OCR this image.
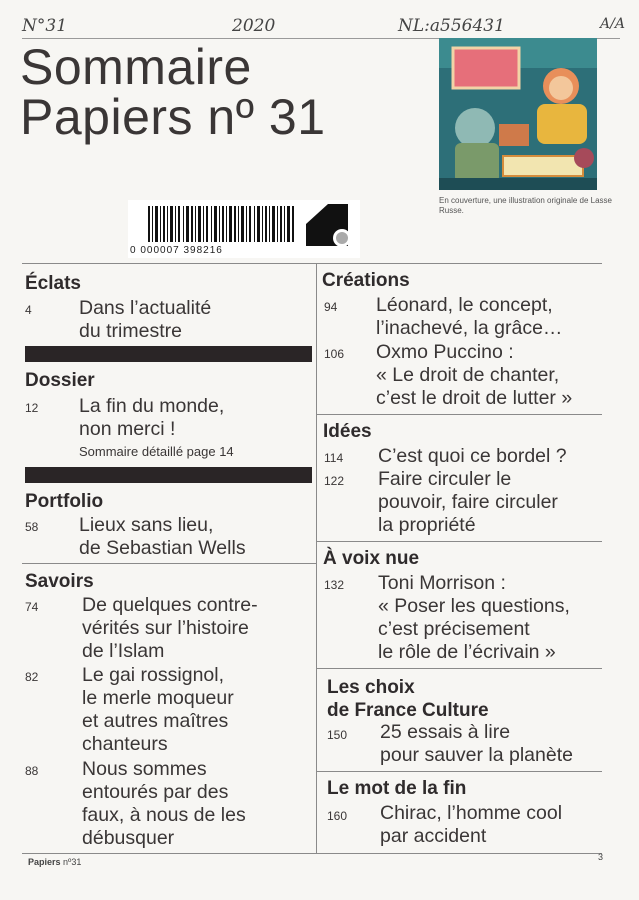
N°31	2020	NL:a556431	A/A
Sommaire
Papiers nº 31
En couverture, une illustration originale de Lasse Russe.
0 000007 398216
Éclats
4 Dans l’actualité
du trimestre
Dossier
12 La fin du monde,
non merci !
Sommaire détaillé page 14
Portfolio
58 Lieux sans lieu,
de Sebastian Wells
Savoirs
74 De quelques contre-
vérités sur l’histoire
de l’Islam
82 Le gai rossignol,
le merle moqueur
et autres maîtres
chanteurs
88 Nous sommes
entourés par des
faux, à nous de les
débusquer
Créations
94 Léonard, le concept,
l’inachevé, la grâce…
106 Oxmo Puccino :
« Le droit de chanter,
c’est le droit de lutter »
Idées
114 C’est quoi ce bordel ?
122 Faire circuler le
pouvoir, faire circuler
la propriété
À voix nue
132 Toni Morrison :
« Poser les questions,
c’est précisement
le rôle de l’écrivain »
Les choix
de France Culture
150 25 essais à lire
pour sauver la planète
Le mot de la fin
160 Chirac, l’homme cool
par accident
Papiers nº31	3
